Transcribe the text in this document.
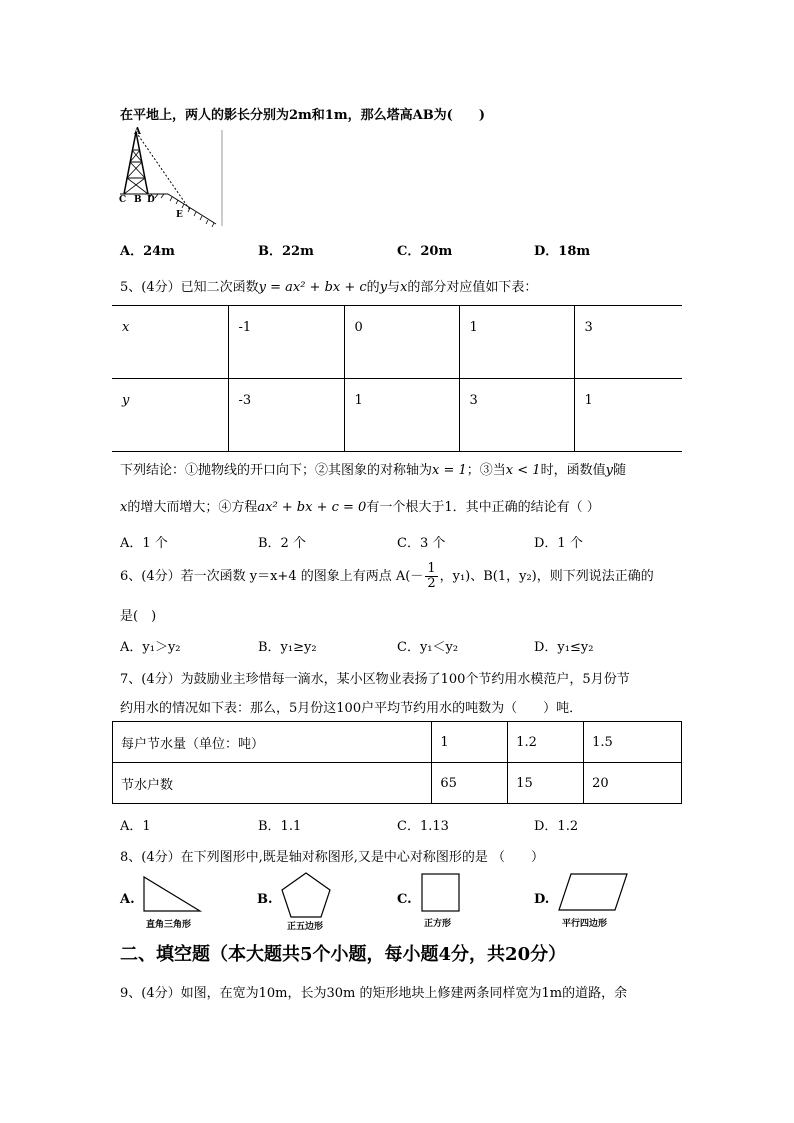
在平地上，两人的影长分别为2m和1m，那么塔高AB为(　　)
A
C B D
E
A．24m	B．22m	C．20m	D．18m
5、(4分）已知二次函数y = ax² + bx + c的y与x的部分对应值如下表：
x	-1	0	1	3
y	-3	1	3	1
下列结论：①抛物线的开口向下；②其图象的对称轴为x = 1；③当x < 1时，函数值y随
x的增大而增大；④方程ax² + bx + c = 0有一个根大于1．其中正确的结论有（ ）
A．1 个	B．2 个	C．3 个	D．1 个
6、(4分）若一次函数 y＝x+4 的图象上有两点 $A(- \frac{1}{2}$ ，y₁)、B(1，y₂)，则下列说法正确的
是(　)
A．y₁＞y₂	B．y₁≥y₂	C．y₁＜y₂	D．y₁≤y₂
7、(4分）为鼓励业主珍惜每一滴水，某小区物业表扬了100个节约用水模范户，5月份节
约用水的情况如下表：那么，5月份这100户平均节约用水的吨数为（　　）吨．
每户节水量（单位：吨）	1	1.2	1.5
节水户数	65	15	20
A．1	B．1.1	C．1.13	D．1.2
8、(4分）在下列图形中,既是轴对称图形,又是中心对称图形的是 （　　）
A.
直角三角形
B.
正五边形
C.
正方形
D.
平行四边形
二、填空题（本大题共5个小题，每小题4分，共20分）
9、(4分）如图，在宽为10m，长为30m 的矩形地块上修建两条同样宽为1m的道路，余
